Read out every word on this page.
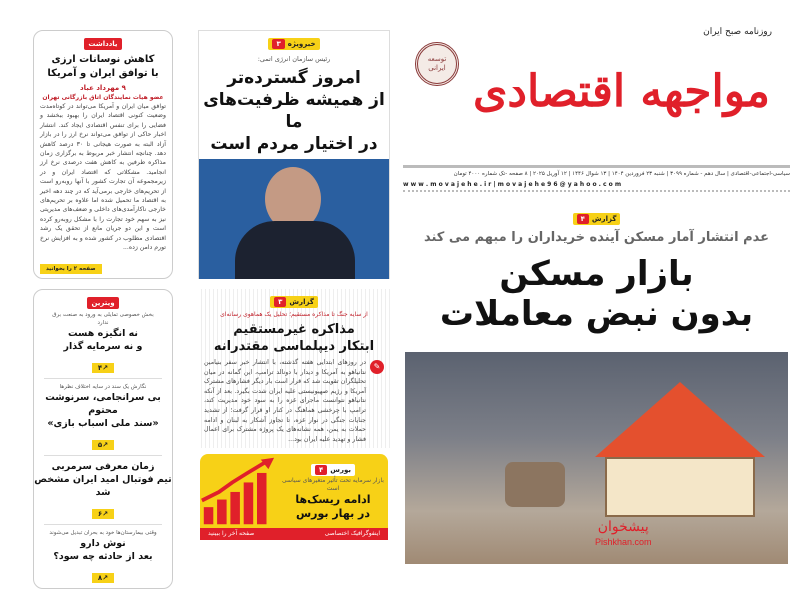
روزنامه صبح ایران
مواجهه اقتصادی
توسعه ایرانی
سیاسی-اجتماعی-اقتصادی | سال دهم - شماره ۳۰۹۹ | شنبه ۲۳ فروردین ۱۴۰۴ | ۱۳ شوال ۱۴۴۶ | ۱۲ آوریل ۲۰۲۵ | ۸ صفحه -تک شماره ۴۰۰۰ تومان
w w w . m o v a j e h e . i r | m o v a j e h e 9 6 @ y a h o o . c o m
گزارش
۴
عدم انتشار آمار مسکن آینده خریداران را مبهم می کند
بازار مسکن
بدون نبض معاملات
پیشخوان
Pishkhan.com
خبرویژه
۳
رئیس سازمان انرژی اتمی:
امروز گسترده‌تر
از همیشه ظرفیت‌های ما
در اختیار مردم است
گزارش
۳
از سایه جنگ تا مذاکره مستقیم؛ تحلیل یک هماهوی رسانه‌ای
مذاکره غیرمستقیم
ابتکار دیپلماسی مقتدرانه
✎
در روزهای ابتدایی هفته گذشته، با انتشار خبر سفر بنیامین نتانیاهو به آمریکا و دیدار با دونالد ترامپ، این گمانه در میان تحلیلگران تقویت شد که قرار است بار دیگر فشارهای مشترک آمریکا و رژیم صهیونیستی علیه ایران شدت بگیرد. بعد از آنکه نتانیاهو نتوانست ماجرای غزه را به سود خود مدیریت کند، ترامپ با چرخشی هماهنگ در کنار او قرار گرفت؛ از تشدید جنایات جنگی در نوار غزه، تا تجاوز آشکار به لبنان و ادامه حملات به یمن، همه نشانه‌های یک پروژه مشترک برای اعمال فشار و تهدید علیه ایران بود...
بورس
۴
بازار سرمایه تحت تأثیر متغیرهای سیاسی است
ادامه ریسک‌ها
در بهار بورس
اینفوگرافیک اختصاصی
صفحه آخر را ببینید
یادداشت
کاهش نوسانات ارزی
با توافق ایران و آمریکا
۹ مهرداد عباد
عضو هیات نمایندگان اتاق بازرگانی تهران
توافق میان ایران و آمریکا می‌تواند در کوتاه‌مدت وضعیت کنونی اقتصاد ایران را بهبود ببخشد و فضایی را برای تنفس اقتصادی ایجاد کند. انتشار اخبار حاکی از توافق می‌تواند نرخ ارز را در بازار آزاد البته به صورت هیجانی تا ۳۰ درصد کاهش دهد. چنانچه انتشار خبر مربوط به برگزاری زمان مذاکره طرفین به کاهش هفت درصدی نرخ ارز انجامید. مشکلاتی که اقتصاد ایران و در زیرمجموعه آن تجارت کشور با آنها روبه‌رو است از تحریم‌های خارجی برمی‌آید که در چند دهه اخیر به اقتصاد ما تحمیل شده اما علاوه بر تحریم‌های خارجی ناکارآمدی‌های داخلی و ضعف‌های مدیریتی نیز به سهم خود تجارت را با مشکل روبه‌رو کرده است و این دو جریان مانع از تحقق یک رشد اقتصادی مطلوب در کشور شده و به افزایش نرخ تورم دامن زده...
صفحه ۲ را بخوانید
ویترین
بخش خصوصی تمایلی به ورود به صنعت برق ندارد
نه انگیزه هست
و نه سرمایه گذار
↗۴
نگارش یک سند در سایه اختلاف نظرها
بی سرانجامی، سرنوشت محتوم
«سند ملی اسباب بازی»
↗۵
زمان معرفی سرمربی
تیم فوتبال امید ایران مشخص شد
↗۶
وقتی بیمارستان‌ها خود به بحران تبدیل می‌شوند
نوش دارو
بعد از حادثه چه سود؟
↗۸
